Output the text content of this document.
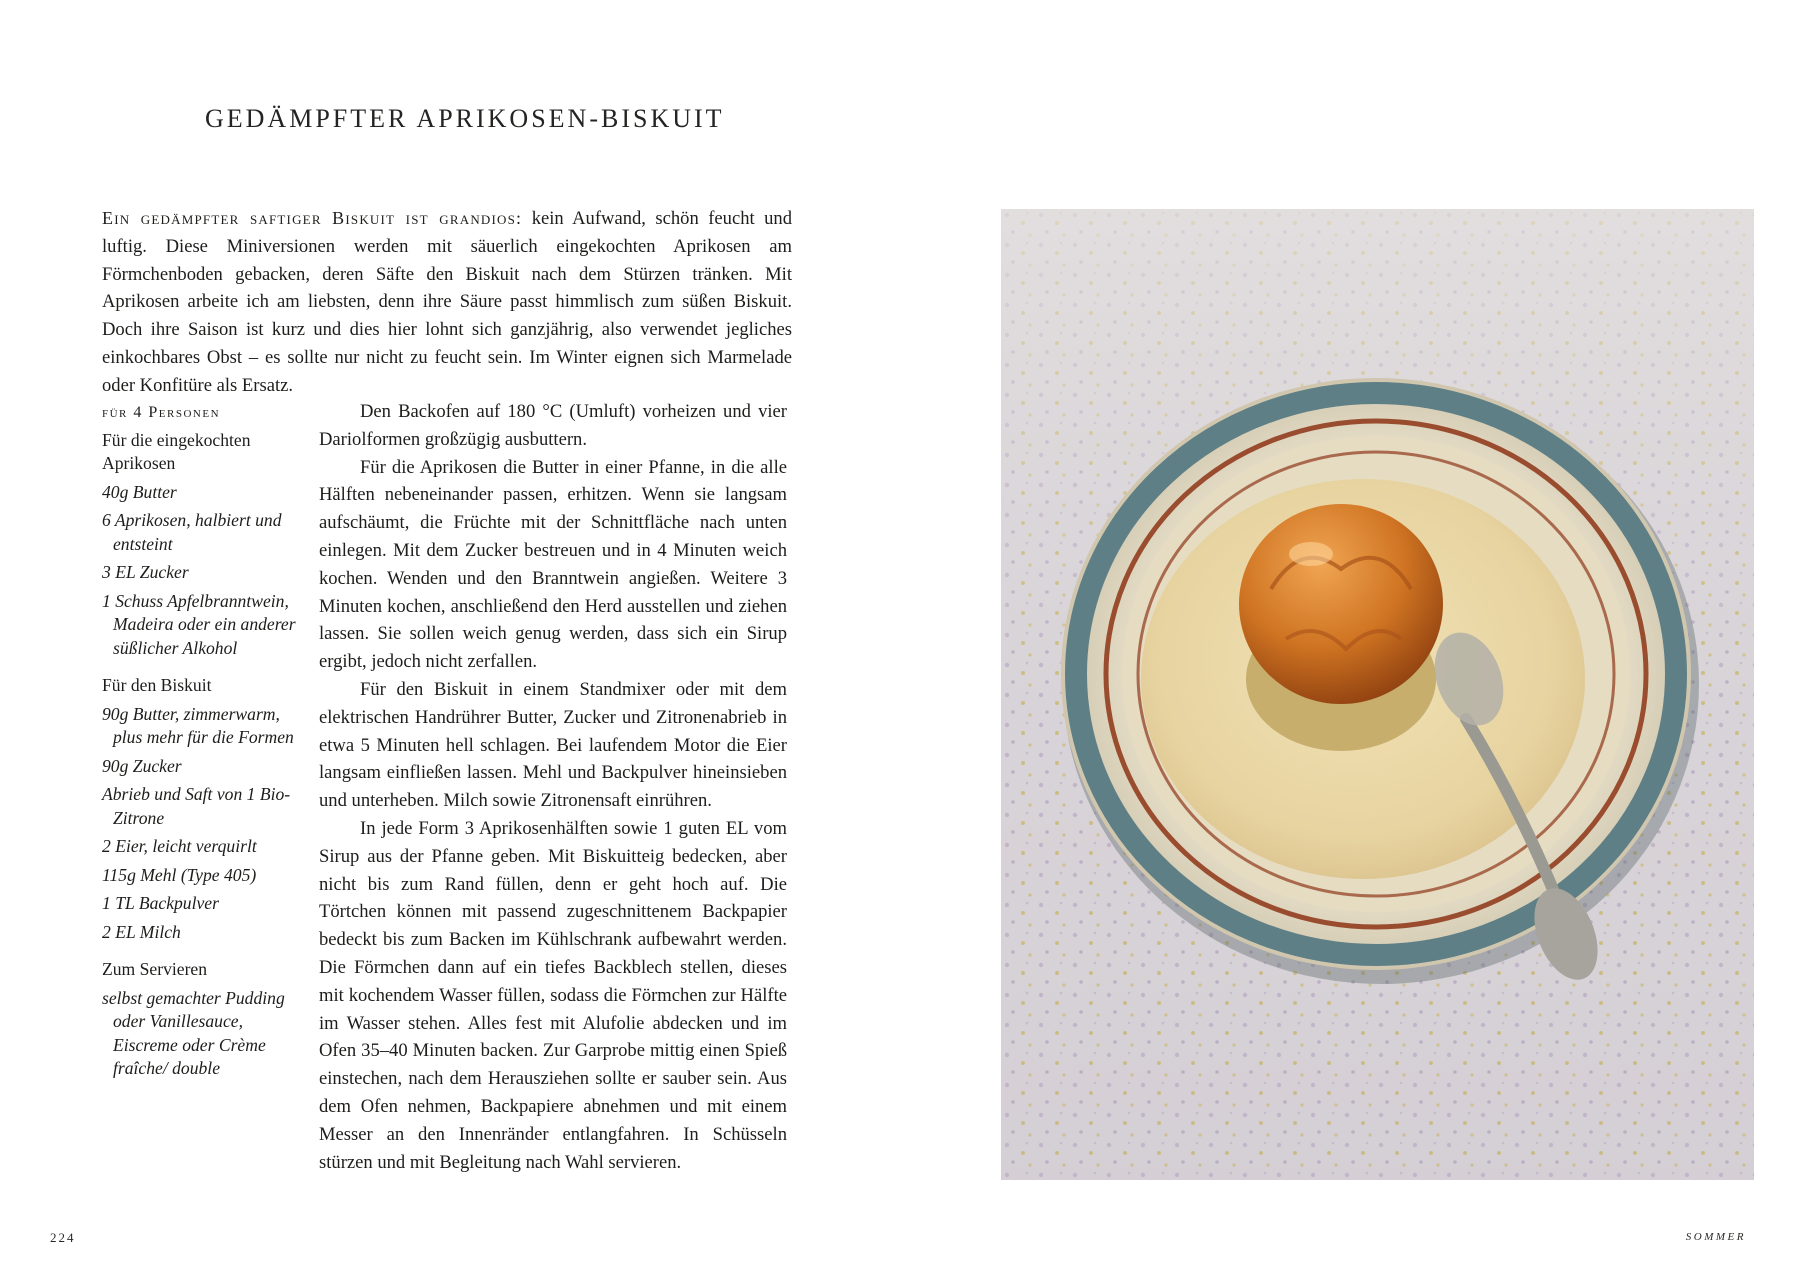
GEDÄMPFTER APRIKOSEN-BISKUIT

Ein gedämpfter saftiger Biskuit ist grandios: kein Aufwand, schön feucht und luftig. Diese Miniversionen werden mit säuerlich eingekochten Aprikosen am Förmchenboden gebacken, deren Säfte den Biskuit nach dem Stürzen tränken. Mit Aprikosen arbeite ich am liebsten, denn ihre Säure passt himmlisch zum süßen Biskuit. Doch ihre Saison ist kurz und dies hier lohnt sich ganzjährig, also verwendet jegliches einkochbares Obst – es sollte nur nicht zu feucht sein. Im Winter eignen sich Marmelade oder Konfitüre als Ersatz.

für 4 Personen
Für die eingekochten Aprikosen
40g Butter
6 Aprikosen, halbiert und entsteint
3 EL Zucker
1 Schuss Apfelbranntwein, Madeira oder ein anderer süßlicher Alkohol
Für den Biskuit
90g Butter, zimmerwarm, plus mehr für die Formen
90g Zucker
Abrieb und Saft von 1 Bio-Zitrone
2 Eier, leicht verquirlt
115g Mehl (Type 405)
1 TL Backpulver
2 EL Milch
Zum Servieren
selbst gemachter Pudding oder Vanillesauce, Eiscreme oder Crème fraîche/ double

Den Backofen auf 180 °C (Umluft) vorheizen und vier Dariolformen großzügig ausbuttern.

Für die Aprikosen die Butter in einer Pfanne, in die alle Hälften nebeneinander passen, erhitzen. Wenn sie langsam aufschäumt, die Früchte mit der Schnittfläche nach unten einlegen. Mit dem Zucker bestreuen und in 4 Minuten weich kochen. Wenden und den Branntwein angießen. Weitere 3 Minuten kochen, anschließend den Herd ausstellen und ziehen lassen. Sie sollen weich genug werden, dass sich ein Sirup ergibt, jedoch nicht zerfallen.

Für den Biskuit in einem Standmixer oder mit dem elektrischen Handrührer Butter, Zucker und Zitronenabrieb in etwa 5 Minuten hell schlagen. Bei laufendem Motor die Eier langsam einfließen lassen. Mehl und Backpulver hineinsieben und unterheben. Milch sowie Zitronensaft einrühren.

In jede Form 3 Aprikosenhälften sowie 1 guten EL vom Sirup aus der Pfanne geben. Mit Biskuitteig bedecken, aber nicht bis zum Rand füllen, denn er geht hoch auf. Die Törtchen können mit passend zugeschnittenem Backpapier bedeckt bis zum Backen im Kühlschrank aufbewahrt werden. Die Förmchen dann auf ein tiefes Backblech stellen, dieses mit kochendem Wasser füllen, sodass die Förmchen zur Hälfte im Wasser stehen. Alles fest mit Alufolie abdecken und im Ofen 35–40 Minuten backen. Zur Garprobe mittig einen Spieß einstechen, nach dem Herausziehen sollte er sauber sein. Aus dem Ofen nehmen, Backpapiere abnehmen und mit einem Messer an den Innenränder entlangfahren. In Schüsseln stürzen und mit Begleitung nach Wahl servieren.

224	SOMMER
